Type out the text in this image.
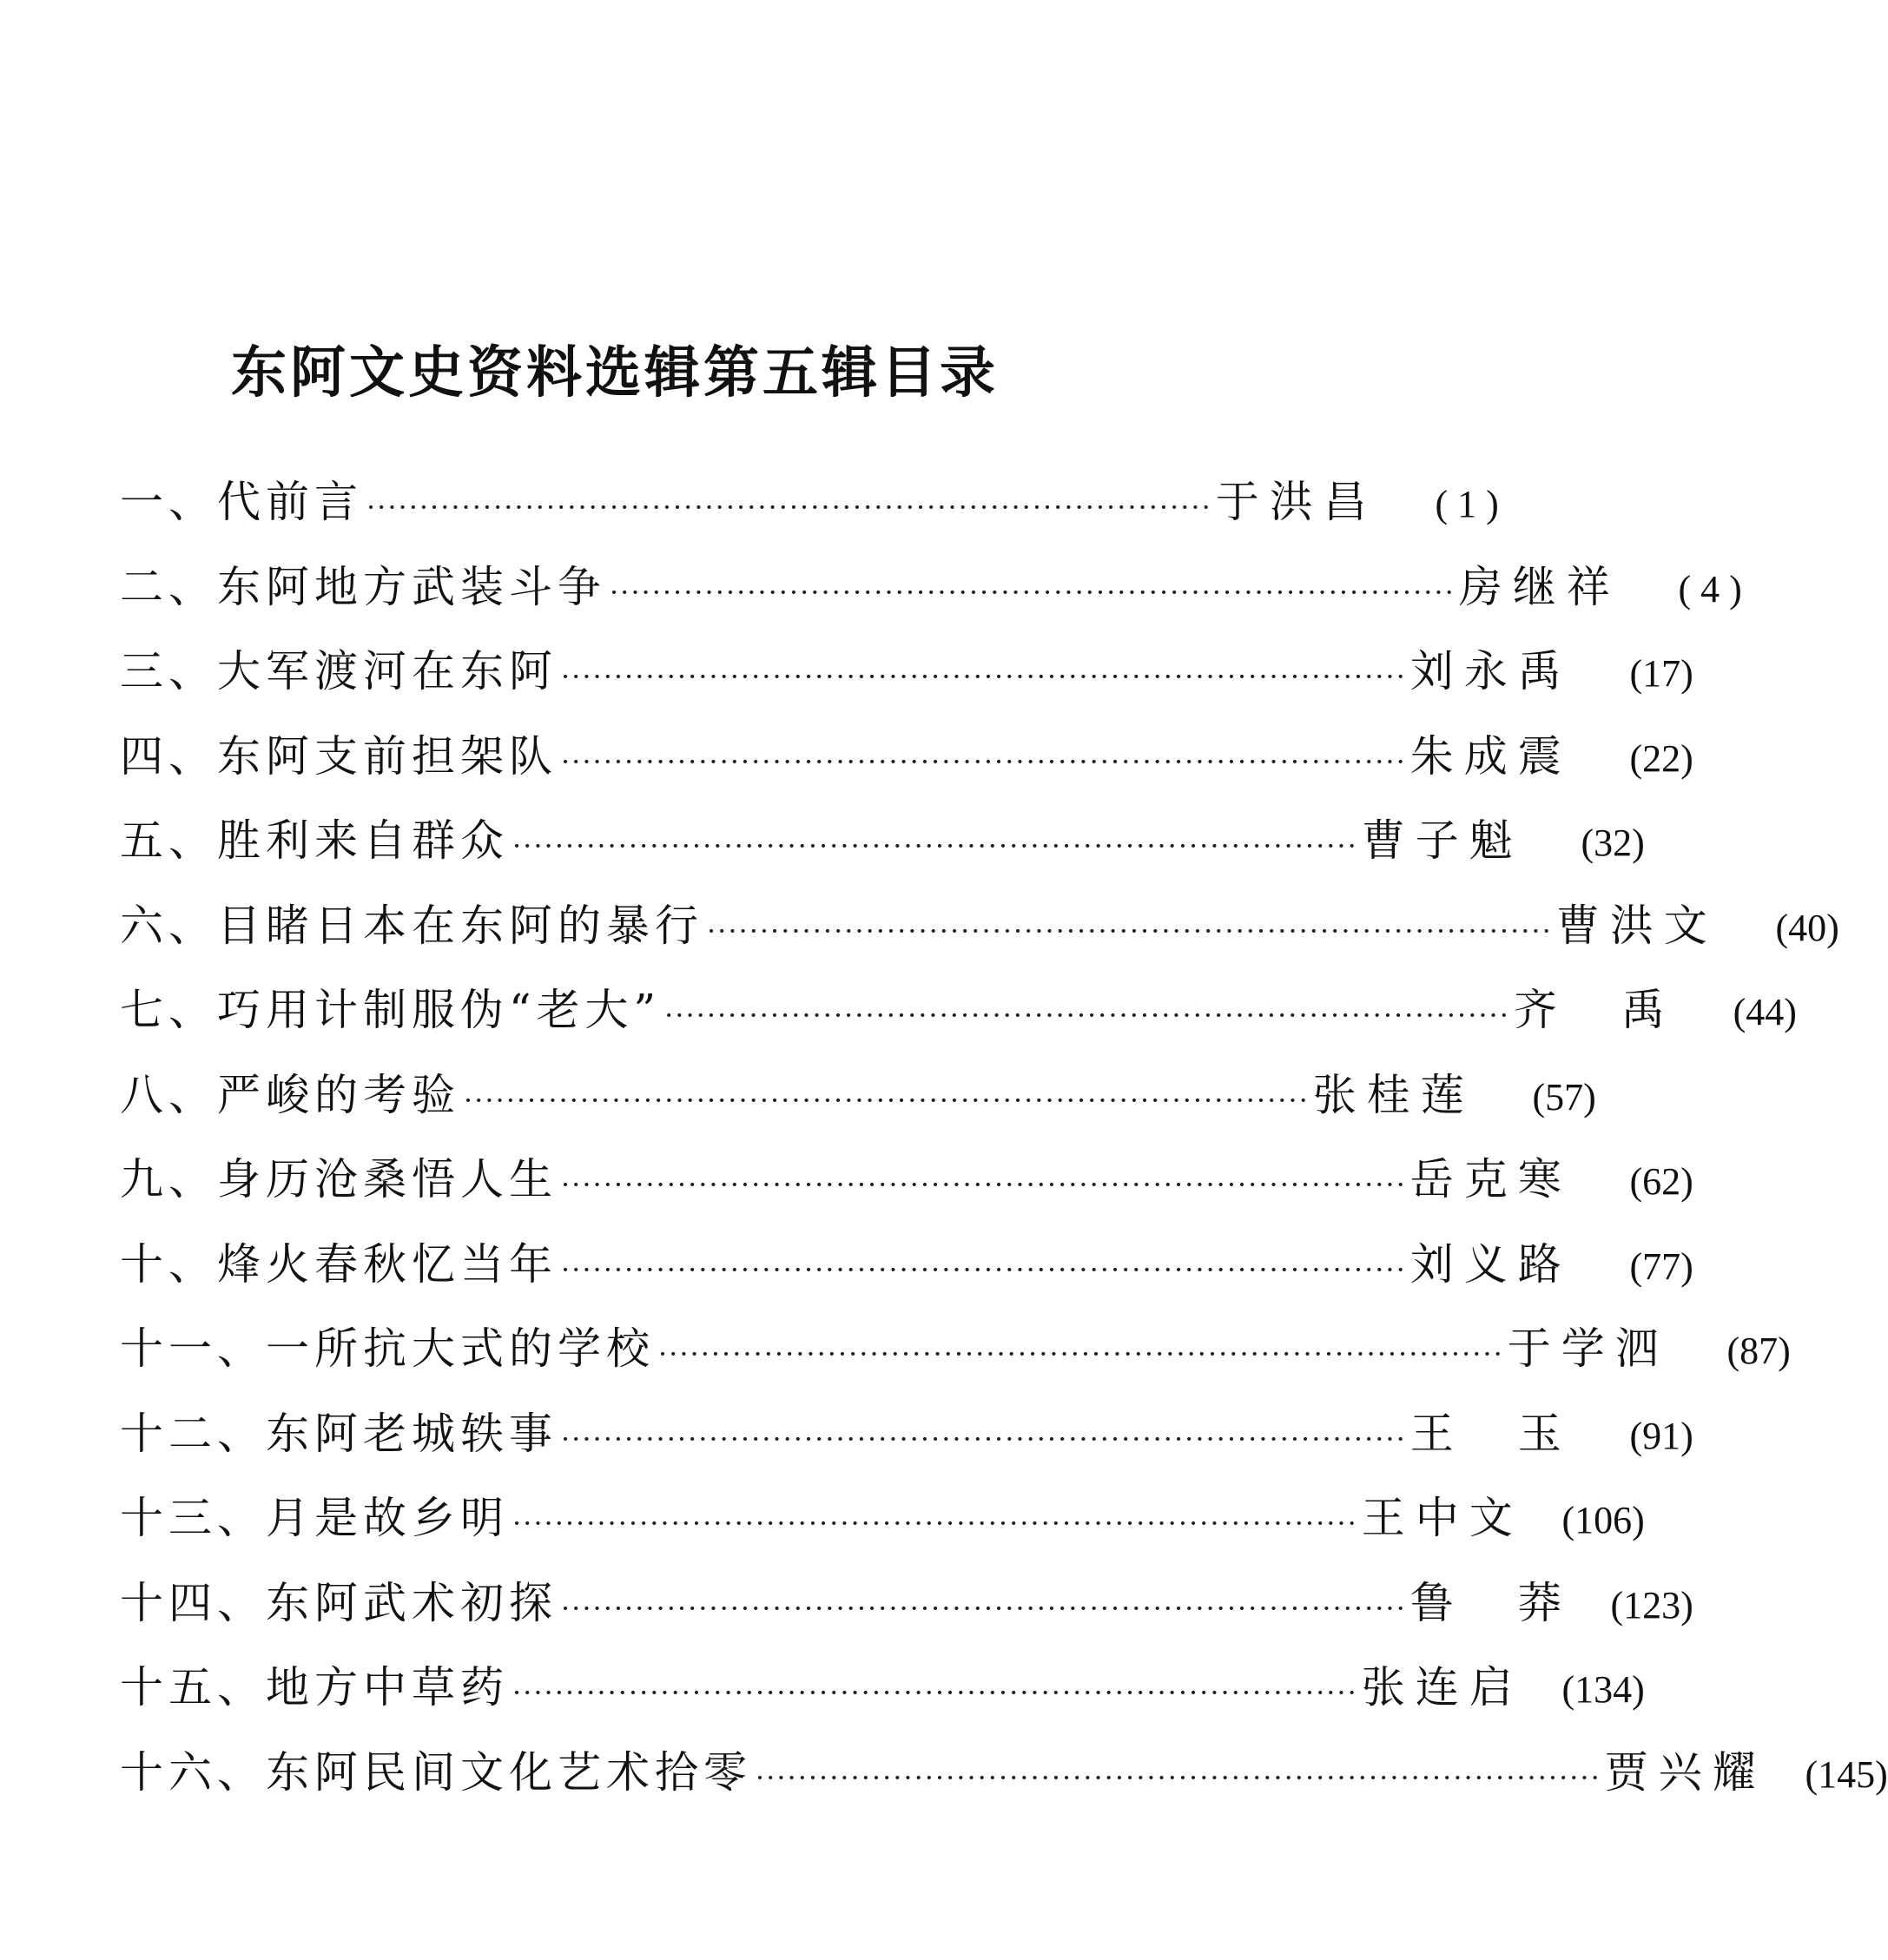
东阿文史资料选辑第五辑目录
一、 代前言 ················································································ 于洪昌	( 1 )
二、 东阿地方武装斗争 ················································································ 房继祥	( 4 )
三、 大军渡河在东阿 ················································································ 刘永禹	(17)
四、 东阿支前担架队 ················································································ 朱成震	(22)
五、 胜利来自群众 ················································································ 曹子魁	(32)
六、 目睹日本在东阿的暴行 ················································································ 曹洪文	(40)
七、 巧用计制服伪“老大” ················································································ 齐　禹	(44)
八、 严峻的考验 ················································································ 张桂莲	(57)
九、 身历沧桑悟人生 ················································································ 岳克寒	(62)
十、 烽火春秋忆当年 ················································································ 刘义路	(77)
十一、 一所抗大式的学校 ················································································ 于学泗	(87)
十二、 东阿老城轶事 ················································································ 王　玉	(91)
十三、 月是故乡明 ················································································ 王中文	(106)
十四、 东阿武术初探 ················································································ 鲁　莽	(123)
十五、 地方中草药 ················································································ 张连启	(134)
十六、 东阿民间文化艺术拾零 ················································································ 贾兴耀	(145)
